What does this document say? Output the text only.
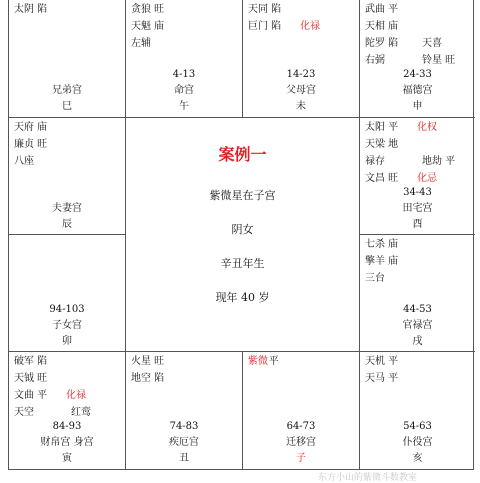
太阴 陷
兄弟宫
巳
贪狼 旺
天魁 庙
左辅
4-13
命宫
午
天同 陷
巨门 陷 化禄
14-23
父母宫
未
武曲 平
天相 庙
陀罗 陷 天喜
右弼	铃星 旺
24-33
福德宫
申
天府 庙
廉贞 旺
八座
夫妻宫
辰
太阳 平 化权
天梁 地
禄存	地劫 平
文昌 旺 化忌
34-43
田宅宫
酉
94-103
子女宫
卯
七杀 庙
擎羊 庙
三台
44-53
官禄宫
戌
破军 陷
天钺 旺
文曲 平 化禄
天空	红鸾
84-93
财帛宫 身宫
寅
火星 旺
地空 陷
74-83
疾厄宫
丑
紫微 平
64-73
迁移宫
子
天机 平
天马 平
54-63
仆役宫
亥
案例一
紫微星在子宫
阴女
辛丑年生
现年 40 岁
东方小山的紫微斗数教室
